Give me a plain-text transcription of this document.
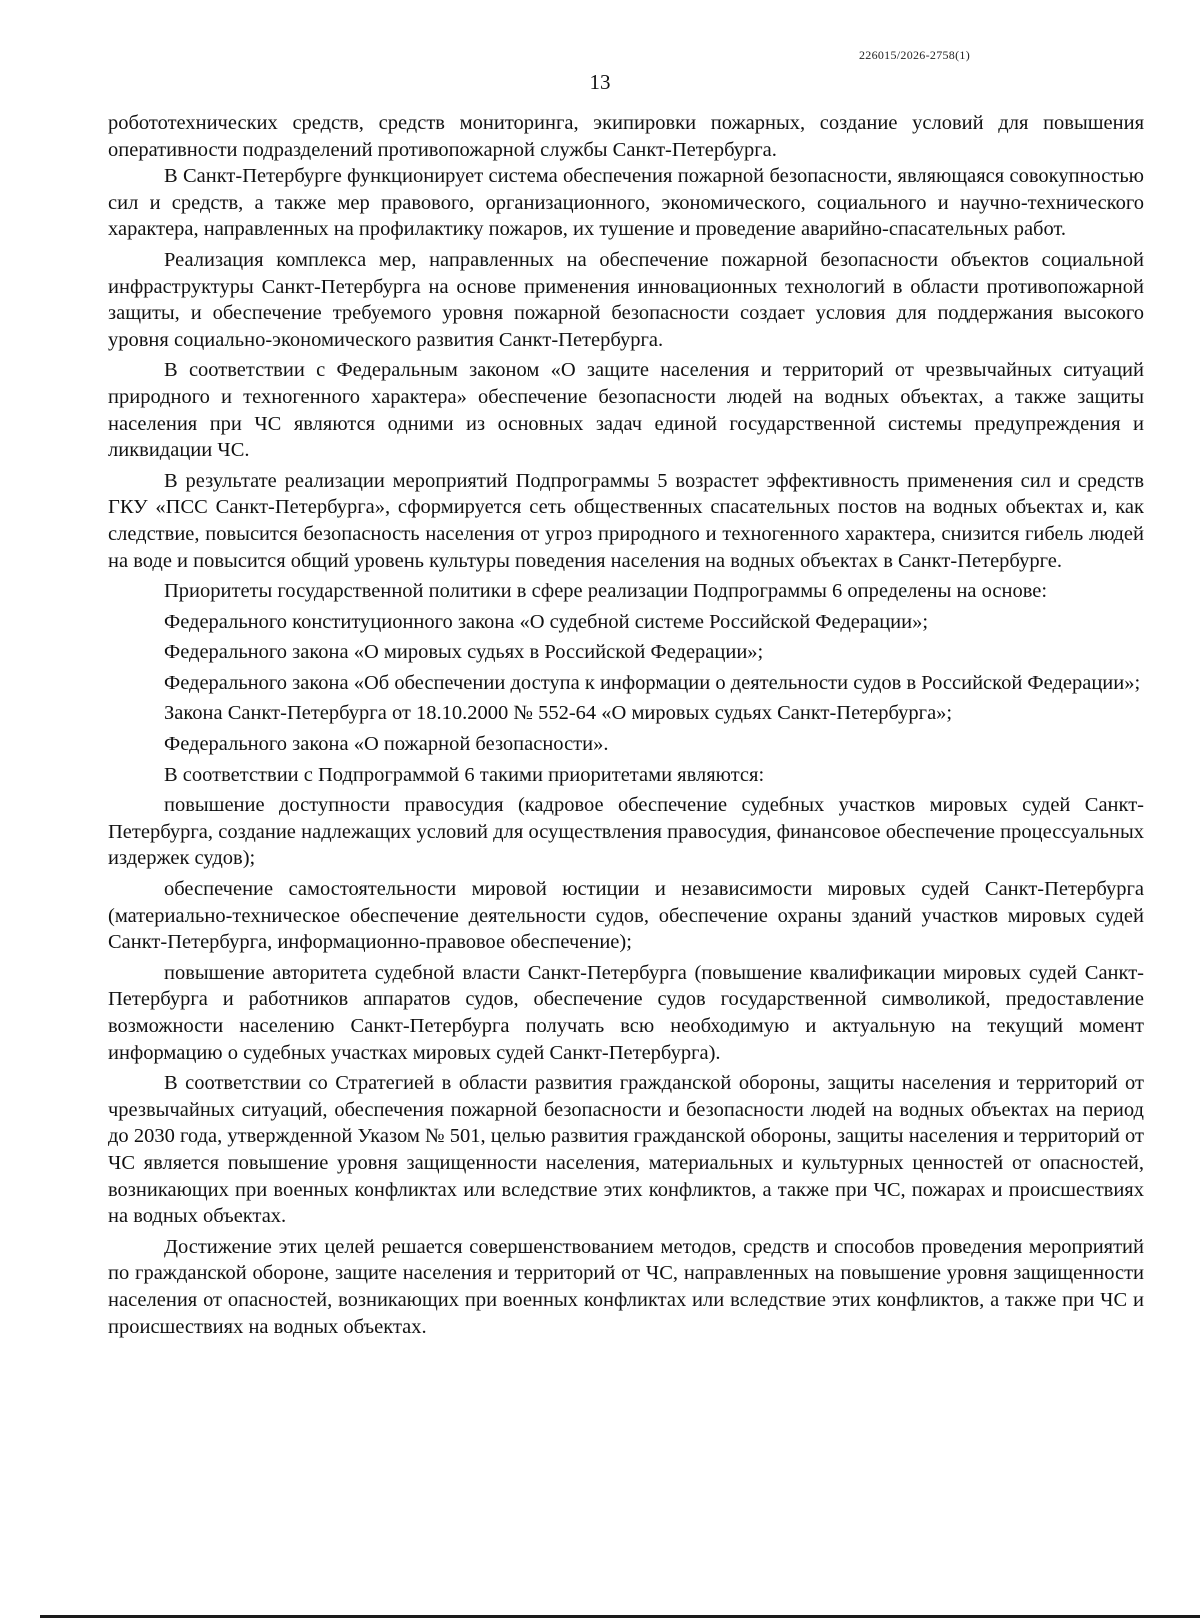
226015/2026-2758(1)
13

робототехнических средств, средств мониторинга, экипировки пожарных, создание условий для повышения оперативности подразделений противопожарной службы Санкт-Петербурга.

В Санкт-Петербурге функционирует система обеспечения пожарной безопасности, являющаяся совокупностью сил и средств, а также мер правового, организационного, экономического, социального и научно-технического характера, направленных на профилактику пожаров, их тушение и проведение аварийно-спасательных работ.

Реализация комплекса мер, направленных на обеспечение пожарной безопасности объектов социальной инфраструктуры Санкт-Петербурга на основе применения инновационных технологий в области противопожарной защиты, и обеспечение требуемого уровня пожарной безопасности создает условия для поддержания высокого уровня социально-экономического развития Санкт-Петербурга.

В соответствии с Федеральным законом «О защите населения и территорий от чрезвычайных ситуаций природного и техногенного характера» обеспечение безопасности людей на водных объектах, а также защиты населения при ЧС являются одними из основных задач единой государственной системы предупреждения и ликвидации ЧС.

В результате реализации мероприятий Подпрограммы 5 возрастет эффективность применения сил и средств ГКУ «ПСС Санкт-Петербурга», сформируется сеть общественных спасательных постов на водных объектах и, как следствие, повысится безопасность населения от угроз природного и техногенного характера, снизится гибель людей на воде и повысится общий уровень культуры поведения населения на водных объектах в Санкт-Петербурге.

Приоритеты государственной политики в сфере реализации Подпрограммы 6 определены на основе:

Федерального конституционного закона «О судебной системе Российской Федерации»;

Федерального закона «О мировых судьях в Российской Федерации»;

Федерального закона «Об обеспечении доступа к информации о деятельности судов в Российской Федерации»;

Закона Санкт-Петербурга от 18.10.2000 № 552-64 «О мировых судьях Санкт-Петербурга»;

Федерального закона «О пожарной безопасности».

В соответствии с Подпрограммой 6 такими приоритетами являются:

повышение доступности правосудия (кадровое обеспечение судебных участков мировых судей Санкт-Петербурга, создание надлежащих условий для осуществления правосудия, финансовое обеспечение процессуальных издержек судов);

обеспечение самостоятельности мировой юстиции и независимости мировых судей Санкт-Петербурга (материально-техническое обеспечение деятельности судов, обеспечение охраны зданий участков мировых судей Санкт-Петербурга, информационно-правовое обеспечение);

повышение авторитета судебной власти Санкт-Петербурга (повышение квалификации мировых судей Санкт-Петербурга и работников аппаратов судов, обеспечение судов государственной символикой, предоставление возможности населению Санкт-Петербурга получать всю необходимую и актуальную на текущий момент информацию о судебных участках мировых судей Санкт-Петербурга).

В соответствии со Стратегией в области развития гражданской обороны, защиты населения и территорий от чрезвычайных ситуаций, обеспечения пожарной безопасности и безопасности людей на водных объектах на период до 2030 года, утвержденной Указом № 501, целью развития гражданской обороны, защиты населения и территорий от ЧС является повышение уровня защищенности населения, материальных и культурных ценностей от опасностей, возникающих при военных конфликтах или вследствие этих конфликтов, а также при ЧС, пожарах и происшествиях на водных объектах.

Достижение этих целей решается совершенствованием методов, средств и способов проведения мероприятий по гражданской обороне, защите населения и территорий от ЧС, направленных на повышение уровня защищенности населения от опасностей, возникающих при военных конфликтах или вследствие этих конфликтов, а также при ЧС и происшествиях на водных объектах.
